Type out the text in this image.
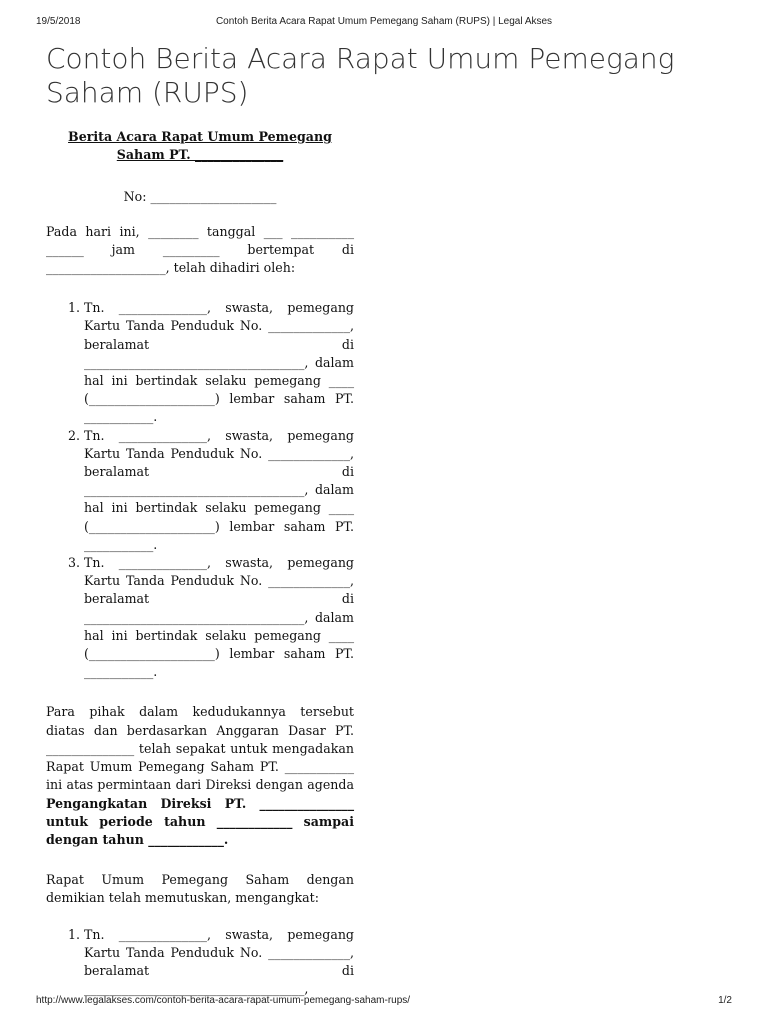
19/5/2018	Contoh Berita Acara Rapat Umum Pemegang Saham (RUPS) | Legal Akses
Contoh Berita Acara Rapat Umum Pemegang Saham (RUPS)
Berita Acara Rapat Umum Pemegang Saham PT. ______________
No: ____________________

Pada hari ini, ________ tanggal ___ __________ ______ jam _________ bertempat di ___________________, telah dihadiri oleh:

1. Tn. ______________, swasta, pemegang Kartu Tanda Penduduk No. _____________, beralamat di ___________________________________, dalam hal ini bertindak selaku pemegang ____ (____________________) lembar saham PT. ___________.
2. Tn. ______________, swasta, pemegang Kartu Tanda Penduduk No. _____________, beralamat di ___________________________________, dalam hal ini bertindak selaku pemegang ____ (____________________) lembar saham PT. ___________.
3. Tn. ______________, swasta, pemegang Kartu Tanda Penduduk No. _____________, beralamat di ___________________________________, dalam hal ini bertindak selaku pemegang ____ (____________________) lembar saham PT. ___________.

Para pihak dalam kedudukannya tersebut diatas dan berdasarkan Anggaran Dasar PT. ______________ telah sepakat untuk mengadakan Rapat Umum Pemegang Saham PT. ___________ ini atas permintaan dari Direksi dengan agenda Pengangkatan Direksi PT. _______________ untuk periode tahun ____________ sampai dengan tahun ____________.

Rapat Umum Pemegang Saham dengan demikian telah memutuskan, mengangkat:

1. Tn. ______________, swasta, pemegang Kartu Tanda Penduduk No. _____________, beralamat di ___________________________________,
http://www.legalakses.com/contoh-berita-acara-rapat-umum-pemegang-saham-rups/	1/2
